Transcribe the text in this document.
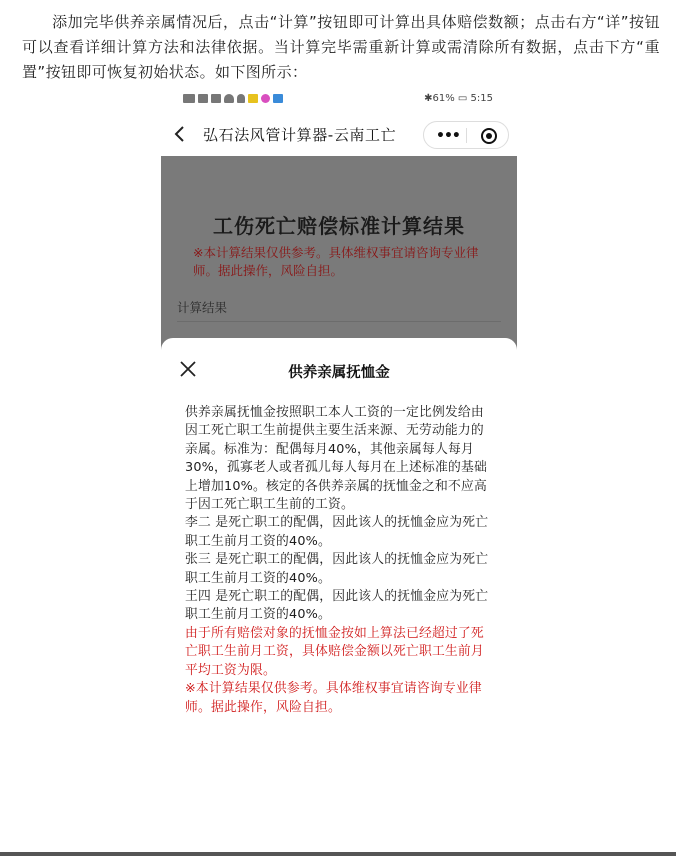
添加完毕供养亲属情况后，点击“计算”按钮即可计算出具体赔偿数额；点击右方“详”按钮可以查看详细计算方法和法律依据。当计算完毕需重新计算或需清除所有数据，点击下方“重置”按钮即可恢复初始状态。如下图所示：
✱61% ▭ 5:15
弘石法风管计算器-云南工亡	•••
工伤死亡赔偿标准计算结果
※本计算结果仅供参考。具体维权事宜请咨询专业律师。据此操作，风险自担。
计算结果
供养亲属抚恤金

供养亲属抚恤金按照职工本人工资的一定比例发给由因工死亡职工生前提供主要生活来源、无劳动能力的亲属。标准为：配偶每月40%，其他亲属每人每月30%，孤寡老人或者孤儿每人每月在上述标准的基础上增加10%。核定的各供养亲属的抚恤金之和不应高于因工死亡职工生前的工资。

李二 是死亡职工的配偶，因此该人的抚恤金应为死亡职工生前月工资的40%。

张三 是死亡职工的配偶，因此该人的抚恤金应为死亡职工生前月工资的40%。

王四 是死亡职工的配偶，因此该人的抚恤金应为死亡职工生前月工资的40%。

由于所有赔偿对象的抚恤金按如上算法已经超过了死亡职工生前月工资，具体赔偿金额以死亡职工生前月平均工资为限。

※本计算结果仅供参考。具体维权事宜请咨询专业律师。据此操作，风险自担。
